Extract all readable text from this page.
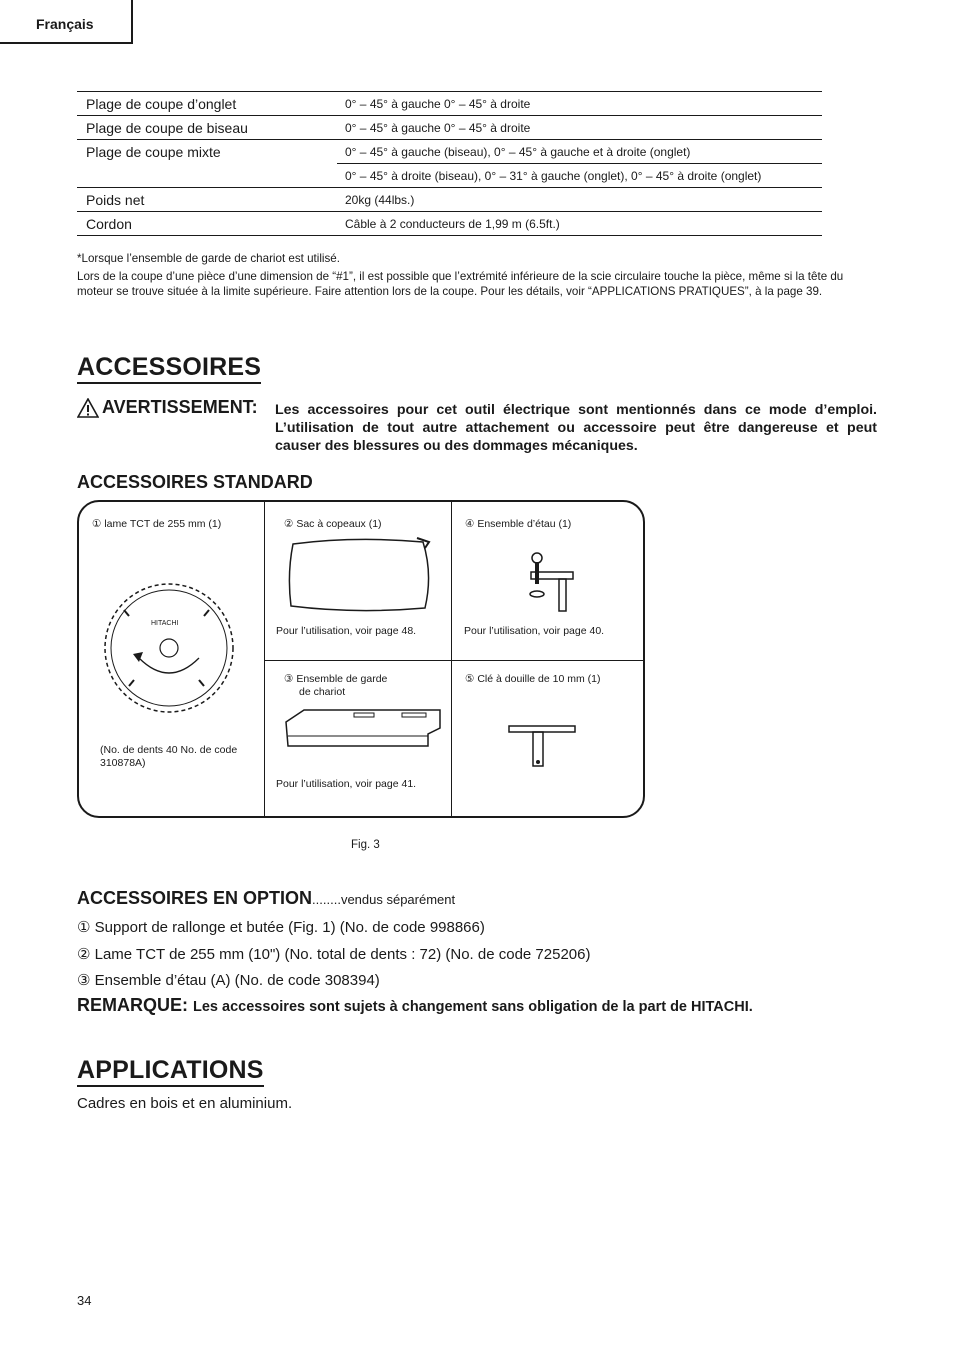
Français
Plage de coupe d’onglet	0° – 45° à gauche 0° – 45° à droite
Plage de coupe de biseau	0° – 45° à gauche 0° – 45° à droite
Plage de coupe mixte	0° – 45° à gauche (biseau), 0° – 45° à gauche et à droite (onglet)
0° – 45° à droite (biseau), 0° – 31° à gauche (onglet), 0° – 45° à droite (onglet)
Poids net	20kg (44lbs.)
Cordon	Câble à 2 conducteurs de 1,99 m (6.5ft.)
*Lorsque l’ensemble de garde de chariot est utilisé.
Lors de la coupe d’une pièce d’une dimension de “#1”, il est possible que l’extrémité inférieure de la scie circulaire touche la pièce, même si la tête du moteur se trouve située à la limite supérieure. Faire attention lors de la coupe. Pour les détails, voir “APPLICATIONS PRATIQUES”, à la page 39.
ACCESSOIRES
AVERTISSEMENT: Les accessoires pour cet outil électrique sont mentionnés dans ce mode d’emploi. L’utilisation de tout autre attachement ou accessoire peut être dangereuse et peut causer des blessures ou des dommages mécaniques.
ACCESSOIRES STANDARD
① lame TCT de 255 mm (1)
HITACHI
(No. de dents 40 No. de code 310878A)
② Sac à copeaux (1)
Pour l’utilisation, voir page 48.
④ Ensemble d’étau (1)
Pour l’utilisation, voir page 40.
③ Ensemble de garde
de chariot
Pour l’utilisation, voir page 41.
⑤ Clé à douille de 10 mm (1)
Fig. 3
ACCESSOIRES EN OPTION........vendus séparément
① Support de rallonge et butée (Fig. 1) (No. de code 998866)
② Lame TCT de 255 mm (10") (No. total de dents : 72) (No. de code 725206)
③ Ensemble d’étau (A) (No. de code 308394)
REMARQUE: Les accessoires sont sujets à changement sans obligation de la part de HITACHI.
APPLICATIONS
Cadres en bois et en aluminium.
34
